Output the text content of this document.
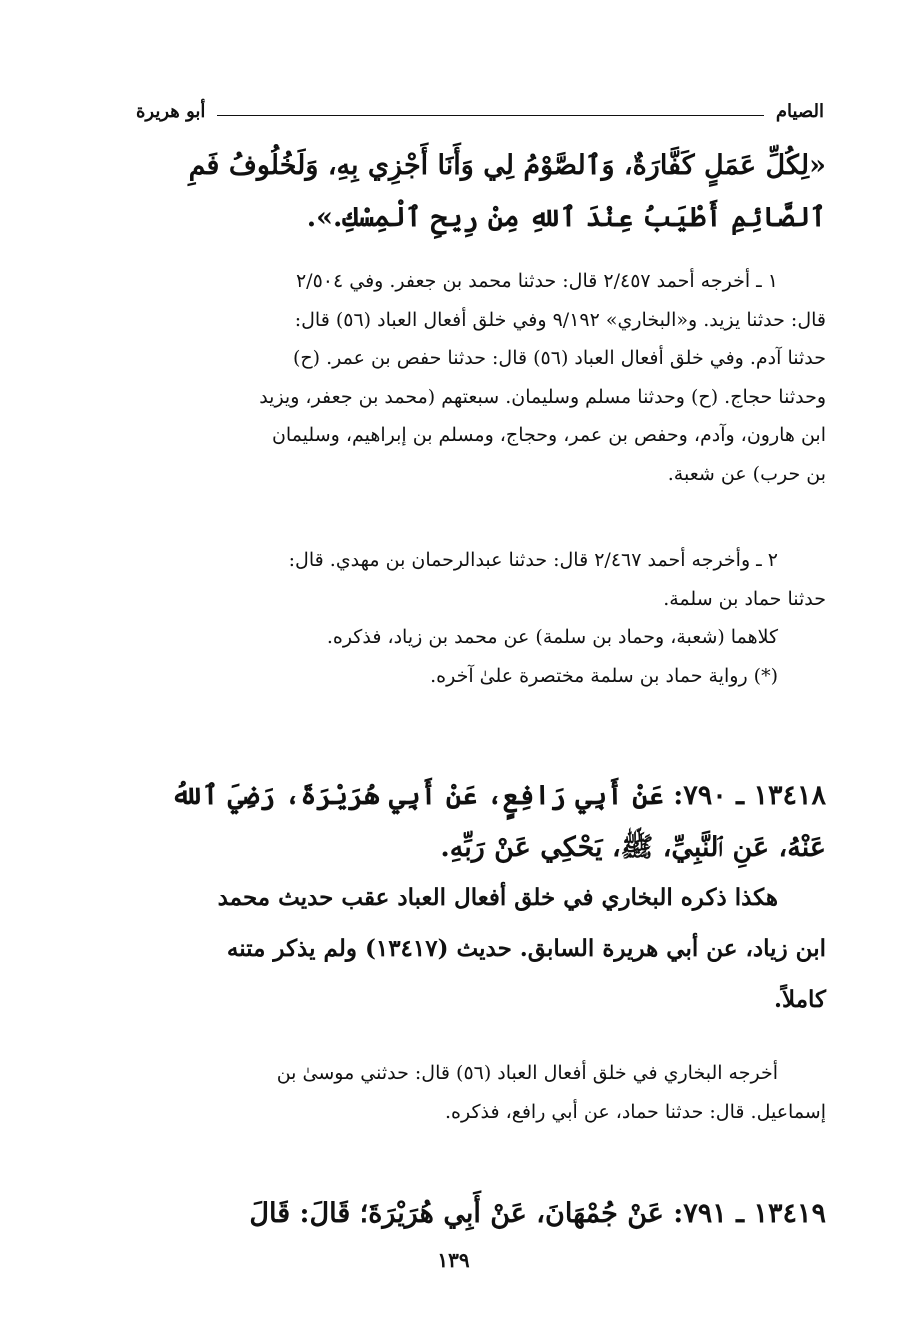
الصيام
أبو هريرة

«لِكُلِّ عَمَلٍ كَفَّارَةٌ، وَٱلصَّوْمُ لِي وَأَنَا أَجْزِي بِهِ، وَلَخُلُوفُ فَمِ

ٱلصَّائِمِ أَطْيَبُ عِنْدَ ٱللهِ مِنْ رِيحِ ٱلْمِسْكِ.».

١ ـ أخرجه أحمد ٢/٤٥٧ قال: حدثنا محمد بن جعفر. وفي ٢/٥٠٤

قال: حدثنا يزيد. و«البخاري» ٩/١٩٢ وفي خلق أفعال العباد (٥٦) قال:

حدثنا آدم. وفي خلق أفعال العباد (٥٦) قال: حدثنا حفص بن عمر. (ح)

وحدثنا حجاج. (ح) وحدثنا مسلم وسليمان. سبعتهم (محمد بن جعفر، ويزيد

ابن هارون، وآدم، وحفص بن عمر، وحجاج، ومسلم بن إبراهيم، وسليمان

بن حرب) عن شعبة.

٢ ـ وأخرجه أحمد ٢/٤٦٧ قال: حدثنا عبدالرحمان بن مهدي. قال:

حدثنا حماد بن سلمة.

كلاهما (شعبة، وحماد بن سلمة) عن محمد بن زياد، فذكره.

(*) رواية حماد بن سلمة مختصرة علىٰ آخره.

١٣٤١٨ ـ ٧٩٠: عَنْ أَبِي رَافِعٍ، عَنْ أَبِي هُرَيْرَةَ، رَضِيَ ٱللهُ

عَنْهُ، عَنِ ٱلنَّبِيِّ، ﷺ، يَحْكِي عَنْ رَبِّهِ.

هكذا ذكره البخاري في خلق أفعال العباد عقب حديث محمد

ابن زياد، عن أبي هريرة السابق. حديث (١٣٤١٧) ولم يذكر متنه

كاملاً.

أخرجه البخاري في خلق أفعال العباد (٥٦) قال: حدثني موسىٰ بن

إسماعيل. قال: حدثنا حماد، عن أبي رافع، فذكره.

١٣٤١٩ ـ ٧٩١: عَنْ جُمْهَانَ، عَنْ أَبِي هُرَيْرَةَ؛ قَالَ: قَالَ

١٣٩
